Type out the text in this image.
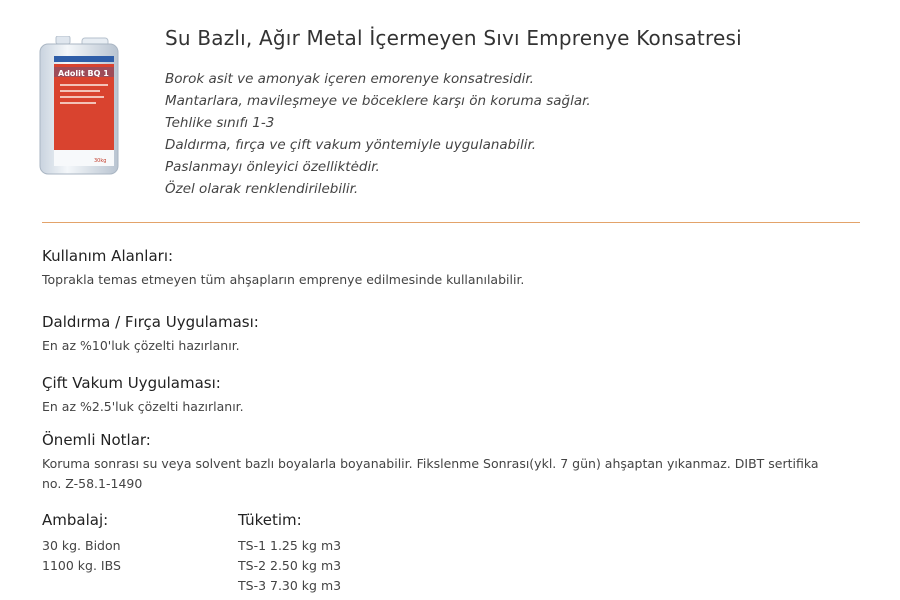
Adolit BQ 1
30kg
Su Bazlı, Ağır Metal İçermeyen Sıvı Emprenye Konsatresi
Borok asit ve amonyak içeren emorenye konsatresidir.
Mantarlara, mavileşmeye ve böceklere karşı ön koruma sağlar.
Tehlike sınıfı 1-3
Daldırma, fırça ve çift vakum yöntemiyle uygulanabilir.
Paslanmayı önleyici özelliktėdir.
Özel olarak renklendirilebilir.
Kullanım Alanları:

Toprakla temas etmeyen tüm ahşapların emprenye edilmesinde kullanılabilir.

Daldırma / Fırça Uygulaması:

En az %10'luk çözelti hazırlanır.

Çift Vakum Uygulaması:

En az %2.5'luk çözelti hazırlanır.

Önemli Notlar:

Koruma sonrası su veya solvent bazlı boyalarla boyanabilir. Fikslenme Sonrası(ykl. 7 gün) ahşaptan yıkanmaz. DIBT sertifika no. Z-58.1-1490

Ambalaj:
30 kg. Bidon
1100 kg. IBS
Tüketim:
TS-1 1.25 kg m3
TS-2 2.50 kg m3
TS-3 7.30 kg m3
